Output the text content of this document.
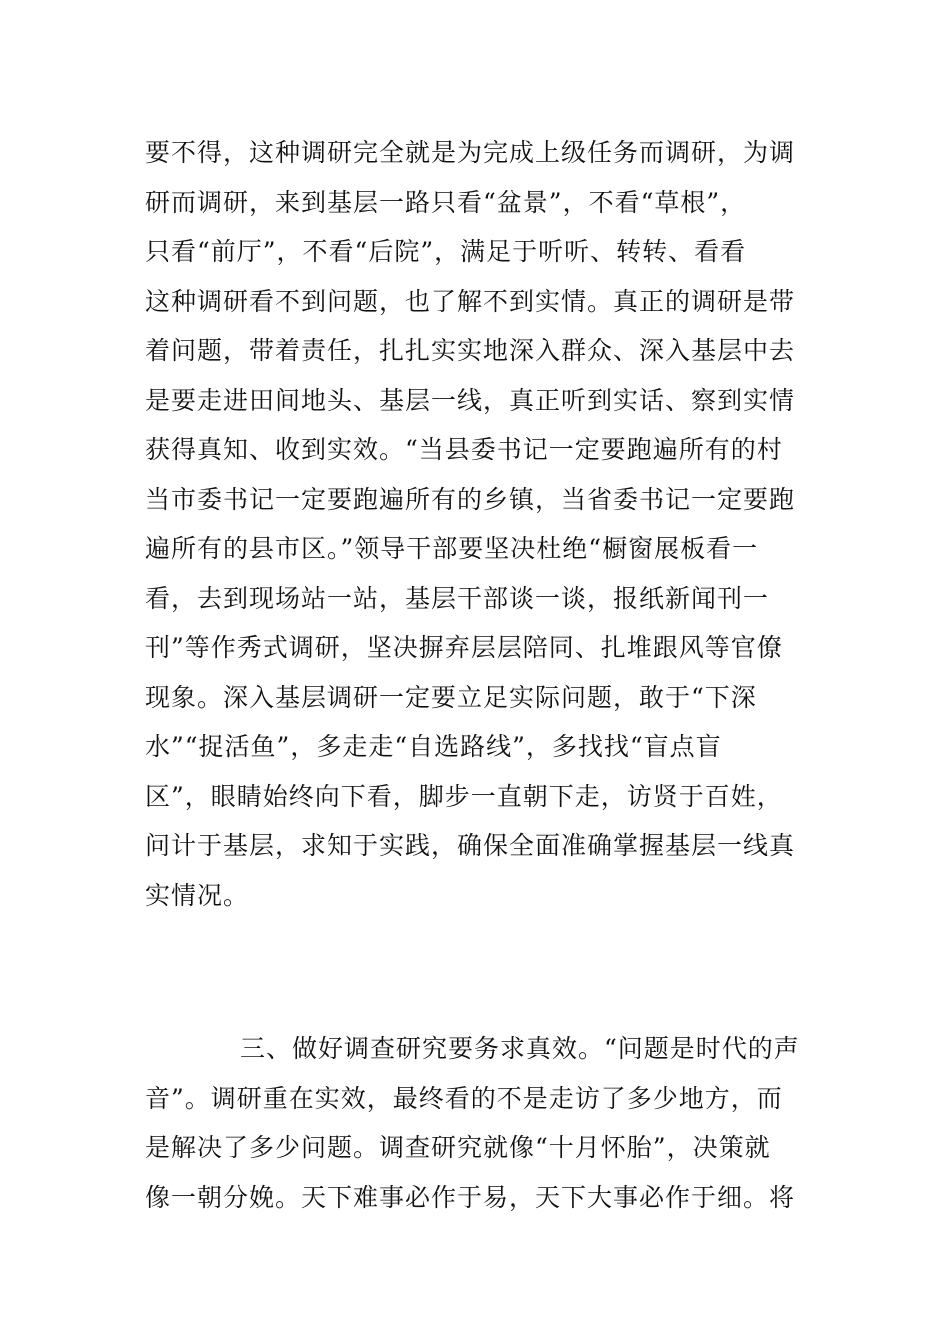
要不得，这种调研完全就是为完成上级任务而调研，为调
研而调研，来到基层一路只看“盆景”，不看“草根”，
只看“前厅”，不看“后院”，满足于听听、转转、看看
这种调研看不到问题，也了解不到实情。真正的调研是带
着问题，带着责任，扎扎实实地深入群众、深入基层中去
是要走进田间地头、基层一线，真正听到实话、察到实情
获得真知、收到实效。“当县委书记一定要跑遍所有的村
当市委书记一定要跑遍所有的乡镇，当省委书记一定要跑
遍所有的县市区。”领导干部要坚决杜绝“橱窗展板看一
看，去到现场站一站，基层干部谈一谈，报纸新闻刊一
刊”等作秀式调研，坚决摒弃层层陪同、扎堆跟风等官僚
现象。深入基层调研一定要立足实际问题，敢于“下深
水”“捉活鱼”，多走走“自选路线”，多找找“盲点盲
区”，眼睛始终向下看，脚步一直朝下走，访贤于百姓，
问计于基层，求知于实践，确保全面准确掌握基层一线真
实情况。
三、做好调查研究要务求真效。“问题是时代的声
音”。调研重在实效，最终看的不是走访了多少地方，而
是解决了多少问题。调查研究就像“十月怀胎”，决策就
像一朝分娩。天下难事必作于易，天下大事必作于细。将
